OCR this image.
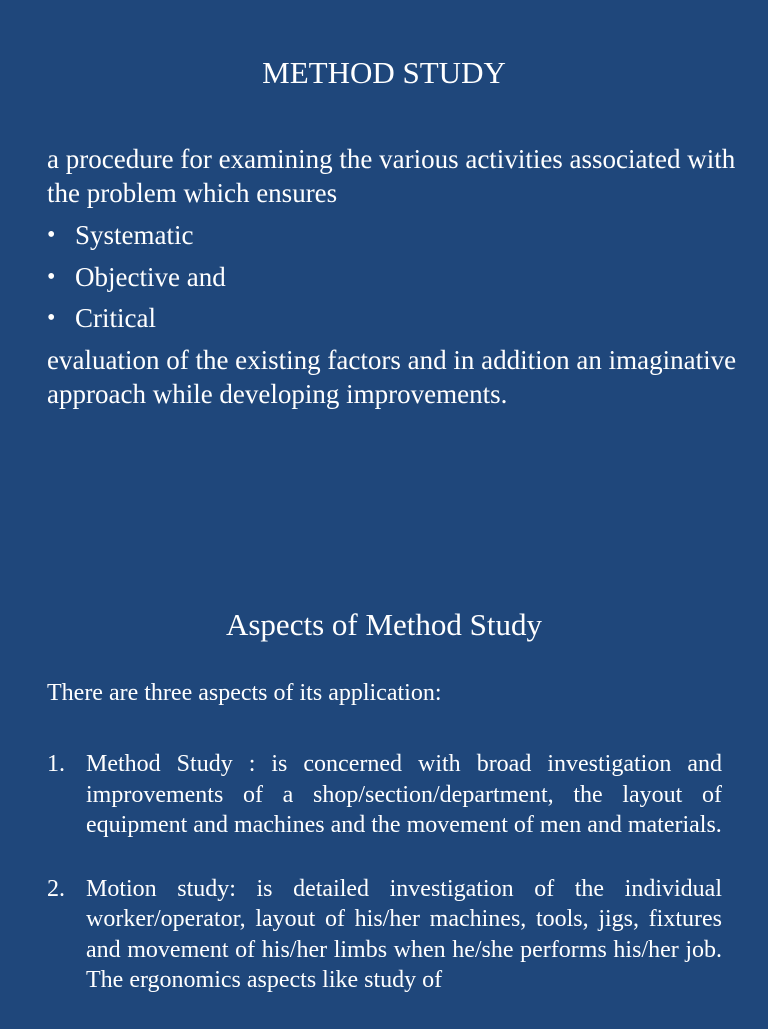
METHOD STUDY

a procedure for examining the various activities associated with the problem which ensures

• Systematic
• Objective and
• Critical

evaluation of the existing factors and in addition an imaginative approach while developing improvements.

Aspects of Method Study

There are three aspects of its application:

1. Method Study : is concerned with broad investigation and improvements of a shop/section/department, the layout of equipment and machines and the movement of men and materials.
2. Motion study: is detailed investigation of the individual worker/operator, layout of his/her machines, tools, jigs, fixtures and movement of his/her limbs when he/she performs his/her job. The ergonomics aspects like study of
